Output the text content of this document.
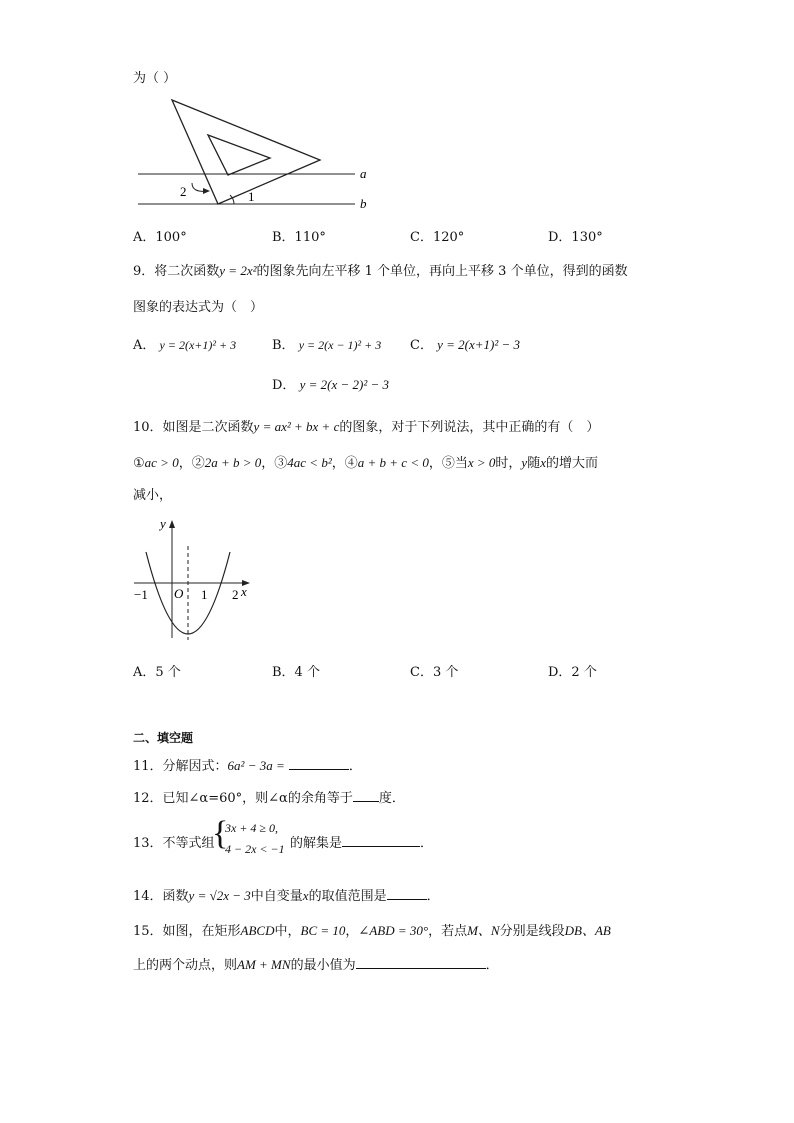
为（ ）
a
b
2	1
A．100°	B．110°	C．120°	D．130°
9．将二次函数y = 2x²的图象先向左平移 1 个单位，再向上平移 3 个单位，得到的函数
图象的表达式为（　）
A． y = 2(x+1)² + 3	B． y = 2(x − 1)² + 3 C． y = 2(x+1)² − 3
D． y = 2(x − 2)² − 3
10．如图是二次函数y = ax² + bx + c的图象，对于下列说法，其中正确的有（　）
①ac > 0，②2a + b > 0，③4ac < b²，④a + b + c < 0，⑤当x > 0时，y随x的增大而
减小，
y
x
O
−1	1 2
A．5 个	B．4 个	C．3 个	D．2 个
二、填空题
11．分解因式：6a² − 3a =	．
12．已知∠α=60°，则∠α的余角等于 度．
13．不等式组
{
3x + 4 ≥ 0,
4 − 2x < −1 的解集是	．
14．函数y = √2x − 3中自变量x的取值范围是	．
15．如图，在矩形ABCD中，BC = 10，∠ABD = 30°，若点M、N分别是线段DB、AB
上的两个动点，则AM + MN的最小值为	．
